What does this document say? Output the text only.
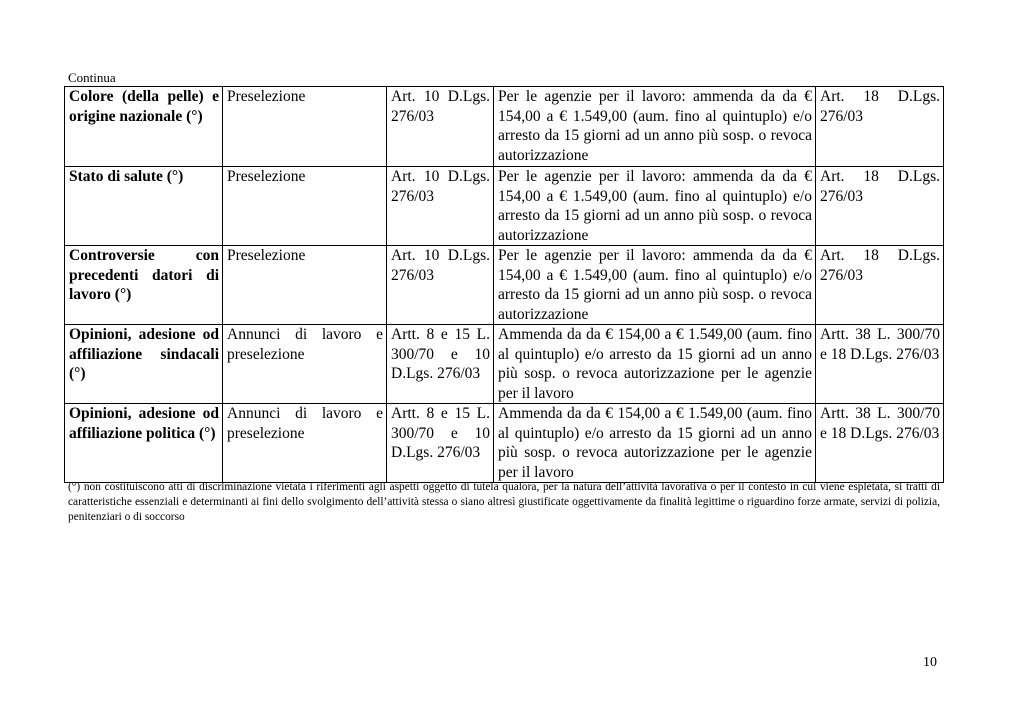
Continua
Colore (della pelle) e origine nazionale (°)	Preselezione	Art. 10 D.Lgs. 276/03	Per le agenzie per il lavoro: ammenda da da € 154,00 a € 1.549,00 (aum. fino al quintuplo) e/o arresto da 15 giorni ad un anno più sosp. o revoca autorizzazione	Art. 18 D.Lgs. 276/03
Stato di salute (°)	Preselezione	Art. 10 D.Lgs. 276/03	Per le agenzie per il lavoro: ammenda da da € 154,00 a € 1.549,00 (aum. fino al quintuplo) e/o arresto da 15 giorni ad un anno più sosp. o revoca autorizzazione	Art. 18 D.Lgs. 276/03
Controversie con precedenti datori di lavoro (°)	Preselezione	Art. 10 D.Lgs. 276/03	Per le agenzie per il lavoro: ammenda da da € 154,00 a € 1.549,00 (aum. fino al quintuplo) e/o arresto da 15 giorni ad un anno più sosp. o revoca autorizzazione	Art. 18 D.Lgs. 276/03
Opinioni, adesione od affiliazione sindacali (°)	Annunci di lavoro e preselezione	Artt. 8 e 15 L. 300/70 e 10 D.Lgs. 276/03	Ammenda da da € 154,00 a € 1.549,00 (aum. fino al quintuplo) e/o arresto da 15 giorni ad un anno più sosp. o revoca autorizzazione per le agenzie per il lavoro	Artt. 38 L. 300/70 e 18 D.Lgs. 276/03
Opinioni, adesione od affiliazione politica (°)	Annunci di lavoro e preselezione	Artt. 8 e 15 L. 300/70 e 10 D.Lgs. 276/03	Ammenda da da € 154,00 a € 1.549,00 (aum. fino al quintuplo) e/o arresto da 15 giorni ad un anno più sosp. o revoca autorizzazione per le agenzie per il lavoro	Artt. 38 L. 300/70 e 18 D.Lgs. 276/03
(°) non costituiscono atti di discriminazione vietata i riferimenti agli aspetti oggetto di tutela qualora, per la natura dell’attività lavorativa o per il contesto in cui viene espletata, si tratti di caratteristiche essenziali e determinanti ai fini dello svolgimento dell’attività stessa o siano altresì giustificate oggettivamente da finalità legittime o riguardino forze armate, servizi di polizia, penitenziari o di soccorso
10
